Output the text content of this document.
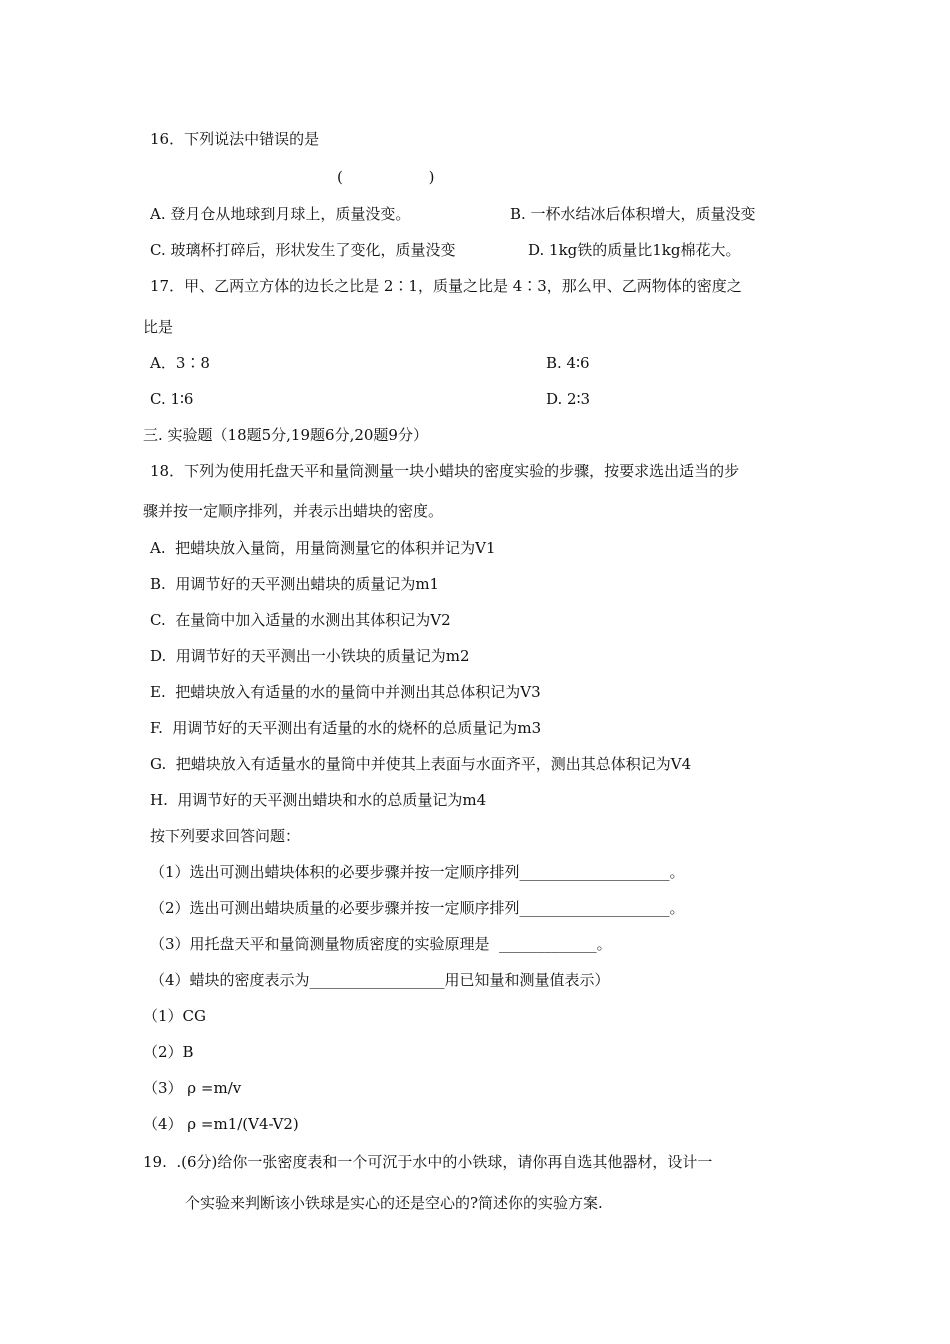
16．下列说法中错误的是
(                  )
A. 登月仓从地球到月球上，质量没变。	B. 一杯水结冰后体积增大，质量没变
C. 玻璃杯打碎后，形状发生了变化，质量没变	D. 1kg铁的质量比1kg棉花大。
17．甲、乙两立方体的边长之比是 2∶1，质量之比是 4∶3，那么甲、乙两物体的密度之
比是
A．3∶8	B. 4∶6
C. 1∶6	D. 2∶3
三. 实验题（18题5分,19题6分,20题9分）
18．下列为使用托盘天平和量筒测量一块小蜡块的密度实验的步骤，按要求选出适当的步
骤并按一定顺序排列，并表示出蜡块的密度。
A.  把蜡块放入量筒，用量筒测量它的体积并记为V1
B.  用调节好的天平测出蜡块的质量记为m1
C.  在量筒中加入适量的水测出其体积记为V2
D.  用调节好的天平测出一小铁块的质量记为m2
E.  把蜡块放入有适量的水的量筒中并测出其总体积记为V3
F.  用调节好的天平测出有适量的水的烧杯的总质量记为m3
G.  把蜡块放入有适量水的量筒中并使其上表面与水面齐平，测出其总体积记为V4
H.  用调节好的天平测出蜡块和水的总质量记为m4
按下列要求回答问题：
（1）选出可测出蜡块体积的必要步骤并按一定顺序排列____________________。
（2）选出可测出蜡块质量的必要步骤并按一定顺序排列____________________。
（3）用托盘天平和量筒测量物质密度的实验原理是  _____________。
（4）蜡块的密度表示为__________________用已知量和测量值表示）
（1）CG
（2）B
（3） ρ =m/v
（4） ρ =m1/(V4-V2)
19.  .(6分)给你一张密度表和一个可沉于水中的小铁球，请你再自选其他器材，设计一
个实验来判断该小铁球是实心的还是空心的?简述你的实验方案.
